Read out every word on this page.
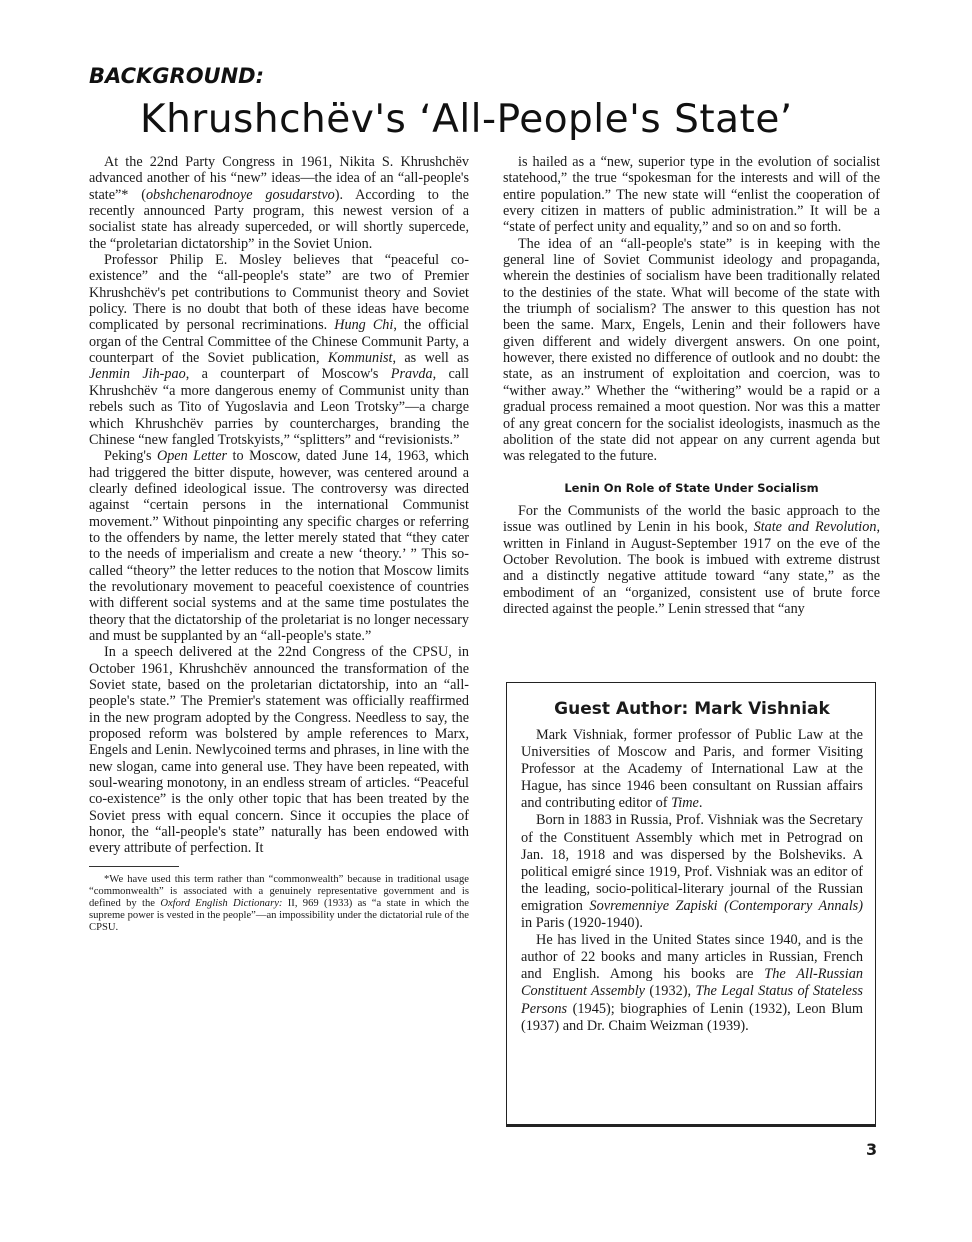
BACKGROUND:
Khrushchëv's ‘All-People's State’

At the 22nd Party Congress in 1961, Nikita S. Khrushchëv advanced another of his “new” ideas—the idea of an “all-people's state”* (obshchenarodnoye gosudarstvo). According to the recently announced Party program, this newest version of a socialist state has already superceded, or will shortly supercede, the “proletarian dictatorship” in the Soviet Union.

Professor Philip E. Mosley believes that “peaceful co-existence” and the “all-people's state” are two of Premier Khrushchëv's pet contributions to Communist theory and Soviet policy. There is no doubt that both of these ideas have become complicated by personal recriminations. Hung Chi, the official organ of the Central Committee of the Chinese Communit Party, a counterpart of the Soviet publication, Kommunist, as well as Jenmin Jih-pao, a counterpart of Moscow's Pravda, call Khrushchëv “a more dangerous enemy of Communist unity than rebels such as Tito of Yugoslavia and Leon Trotsky”—a charge which Khrushchëv parries by countercharges, branding the Chinese “new fangled Trotskyists,” “splitters” and “revisionists.”

Peking's Open Letter to Moscow, dated June 14, 1963, which had triggered the bitter dispute, however, was centered around a clearly defined ideological issue. The controversy was directed against “certain persons in the international Communist movement.” Without pinpointing any specific charges or referring to the offenders by name, the letter merely stated that “they cater to the needs of imperialism and create a new ‘theory.’ ” This so-called “theory” the letter reduces to the notion that Moscow limits the revolutionary movement to peaceful coexistence of countries with different social systems and at the same time postulates the theory that the dictatorship of the proletariat is no longer necessary and must be supplanted by an “all-people's state.”

In a speech delivered at the 22nd Congress of the CPSU, in October 1961, Khrushchëv announced the transformation of the Soviet state, based on the proletarian dictatorship, into an “all-people's state.” The Premier's statement was officially reaffirmed in the new program adopted by the Congress. Needless to say, the proposed reform was bolstered by ample references to Marx, Engels and Lenin. Newlycoined terms and phrases, in line with the new slogan, came into general use. They have been repeated, with soul-wearing monotony, in an endless stream of articles. “Peaceful co-existence” is the only other topic that has been treated by the Soviet press with equal concern. Since it occupies the place of honor, the “all-people's state” naturally has been endowed with every attribute of perfection. It

*We have used this term rather than “commonwealth” because in traditional usage “commonwealth” is associated with a genuinely representative government and is defined by the Oxford English Dictionary: II, 969 (1933) as “a state in which the supreme power is vested in the people”—an impossibility under the dictatorial rule of the CPSU.

is hailed as a “new, superior type in the evolution of socialist statehood,” the true “spokesman for the interests and will of the entire population.” The new state will “enlist the cooperation of every citizen in matters of public administration.” It will be a “state of perfect unity and equality,” and so on and so forth.

The idea of an “all-people's state” is in keeping with the general line of Soviet Communist ideology and propaganda, wherein the destinies of socialism have been traditionally related to the destinies of the state. What will become of the state with the triumph of socialism? The answer to this question has not been the same. Marx, Engels, Lenin and their followers have given different and widely divergent answers. On one point, however, there existed no difference of outlook and no doubt: the state, as an instrument of exploitation and coercion, was to “wither away.” Whether the “withering” would be a rapid or a gradual process remained a moot question. Nor was this a matter of any great concern for the socialist ideologists, inasmuch as the abolition of the state did not appear on any current agenda but was relegated to the future.

Lenin On Role of State Under Socialism

For the Communists of the world the basic approach to the issue was outlined by Lenin in his book, State and Revolution, written in Finland in August-September 1917 on the eve of the October Revolution. The book is imbued with extreme distrust and a distinctly negative attitude toward “any state,” as the embodiment of an “organized, consistent use of brute force directed against the people.” Lenin stressed that “any

Guest Author: Mark Vishniak

Mark Vishniak, former professor of Public Law at the Universities of Moscow and Paris, and former Visiting Professor at the Academy of International Law at the Hague, has since 1946 been consultant on Russian affairs and contributing editor of Time.

Born in 1883 in Russia, Prof. Vishniak was the Secretary of the Constituent Assembly which met in Petrograd on Jan. 18, 1918 and was dispersed by the Bolsheviks. A political emigré since 1919, Prof. Vishniak was an editor of the leading, socio-political-literary journal of the Russian emigration Sovremenniye Zapiski (Contemporary Annals) in Paris (1920-1940).

He has lived in the United States since 1940, and is the author of 22 books and many articles in Russian, French and English. Among his books are The All-Russian Constituent Assembly (1932), The Legal Status of Stateless Persons (1945); biographies of Lenin (1932), Leon Blum (1937) and Dr. Chaim Weizman (1939).

3
